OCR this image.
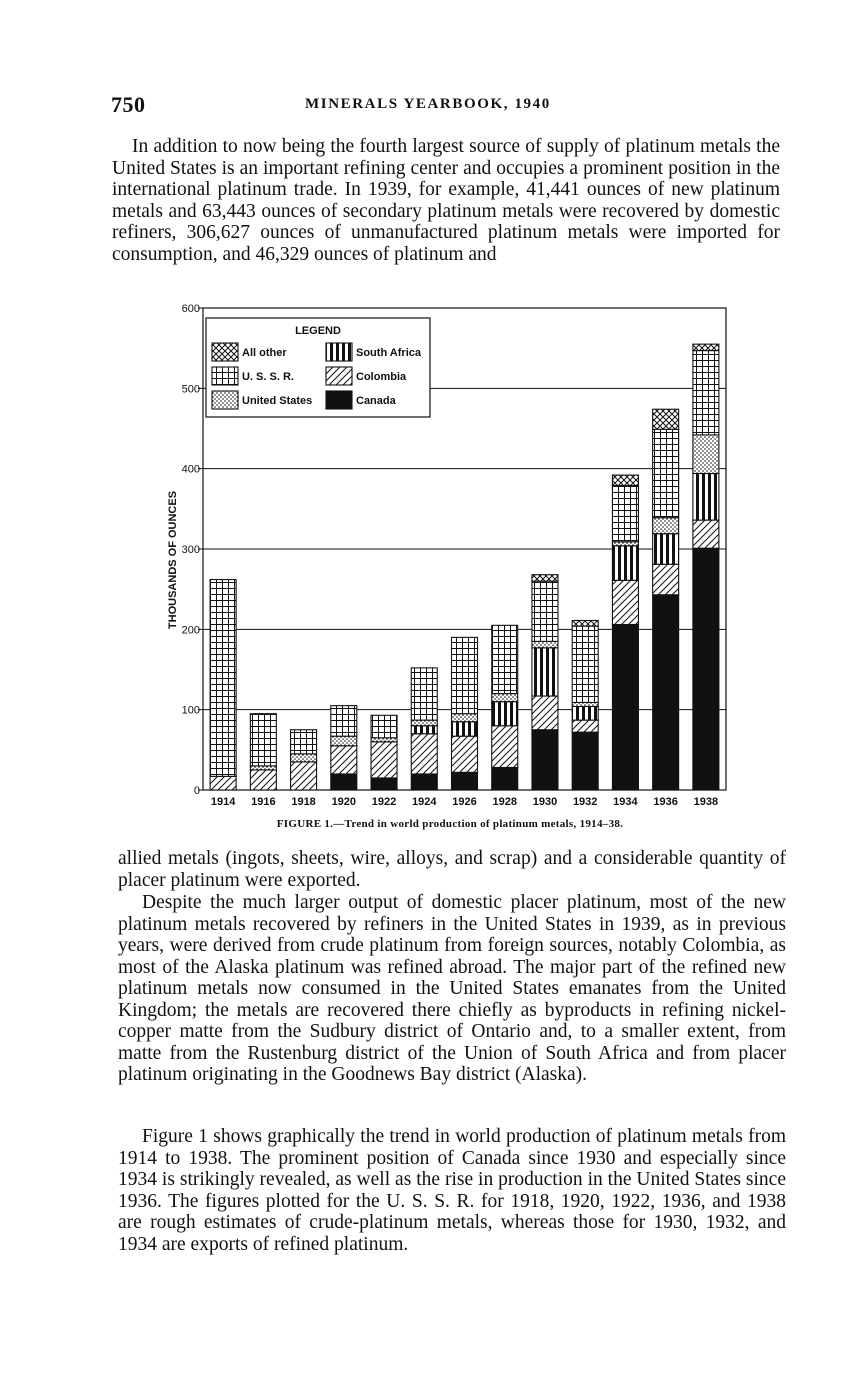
750	MINERALS YEARBOOK, 1940

In addition to now being the fourth largest source of supply of platinum metals the United States is an important refining center and occupies a prominent position in the international platinum trade. In 1939, for example, 41,441 ounces of new platinum metals and 63,443 ounces of secondary platinum metals were recovered by domestic refiners, 306,627 ounces of unmanufactured platinum metals were imported for consumption, and 46,329 ounces of platinum and

0
100
200
300
400
500
600
1914 1916 1918 1920 1922 1924 1926 1928 1930 1932 1934 1936 1938
THOUSANDS OF OUNCES
LEGEND
All other	South Africa
U. S. S. R.	Colombia
United States	Canada
FIGURE 1.—Trend in world production of platinum metals, 1914–38.

allied metals (ingots, sheets, wire, alloys, and scrap) and a considerable quantity of placer platinum were exported.

Despite the much larger output of domestic placer platinum, most of the new platinum metals recovered by refiners in the United States in 1939, as in previous years, were derived from crude platinum from foreign sources, notably Colombia, as most of the Alaska platinum was refined abroad. The major part of the refined new platinum metals now consumed in the United States emanates from the United Kingdom; the metals are recovered there chiefly as byproducts in refining nickel-copper matte from the Sudbury district of Ontario and, to a smaller extent, from matte from the Rustenburg district of the Union of South Africa and from placer platinum originating in the Goodnews Bay district (Alaska).

Figure 1 shows graphically the trend in world production of platinum metals from 1914 to 1938. The prominent position of Canada since 1930 and especially since 1934 is strikingly revealed, as well as the rise in production in the United States since 1936. The figures plotted for the U. S. S. R. for 1918, 1920, 1922, 1936, and 1938 are rough estimates of crude-platinum metals, whereas those for 1930, 1932, and 1934 are exports of refined platinum.
